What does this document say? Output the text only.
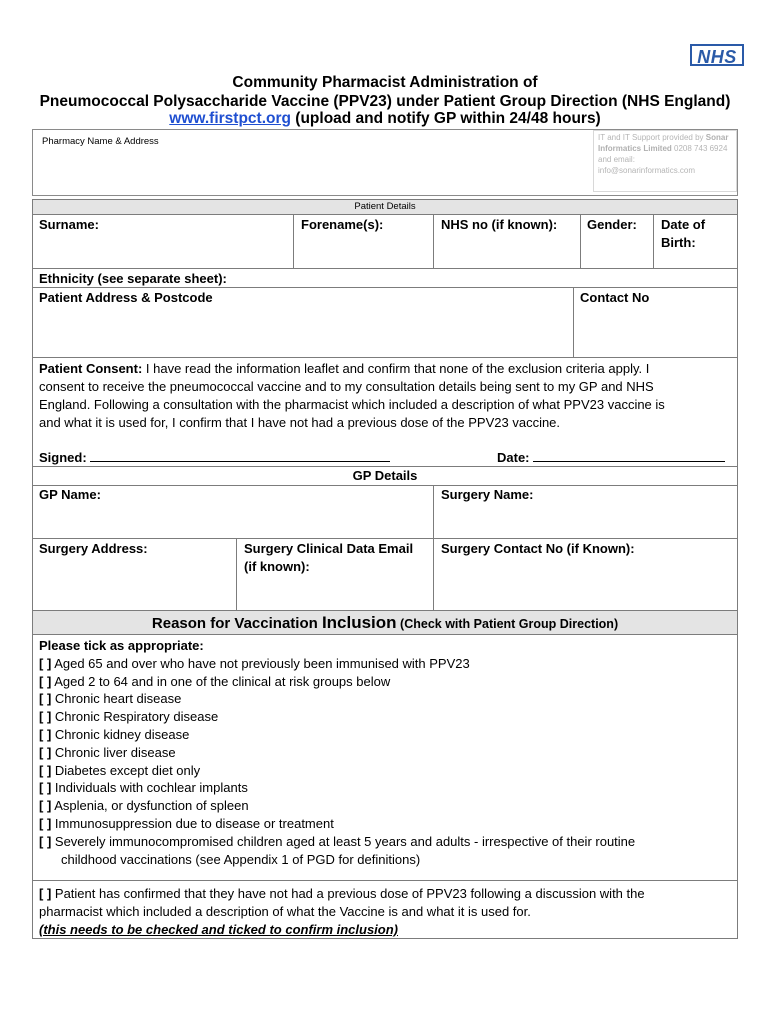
NHS
Community Pharmacist Administration of
Pneumococcal Polysaccharide Vaccine (PPV23) under Patient Group Direction (NHS England)
www.firstpct.org (upload and notify GP within 24/48 hours)
Pharmacy Name & Address	IT and IT Support provided by Sonar Informatics Limited 0208 743 6924
and email:
info@sonarinformatics.com
Patient Details
Surname:	Forename(s):	NHS no (if known): Gender: Date of
Birth:
Ethnicity (see separate sheet):
Patient Address & Postcode	Contact No
Patient Consent: I have read the information leaflet and confirm that none of the exclusion criteria apply. I
consent to receive the pneumococcal vaccine and to my consultation details being sent to my GP and NHS
England. Following a consultation with the pharmacist which included a description of what PPV23 vaccine is
and what it is used for, I confirm that I have not had a previous dose of the PPV23 vaccine.
Signed:	Date:
GP Details
GP Name:	Surgery Name:
Surgery Address:	Surgery Clinical Data Email
(if known):
Surgery Contact No (if Known):
Reason for Vaccination Inclusion (Check with Patient Group Direction)
Please tick as appropriate:
[ ] Aged 65 and over who have not previously been immunised with PPV23
[ ] Aged 2 to 64 and in one of the clinical at risk groups below
[ ] Chronic heart disease
[ ] Chronic Respiratory disease
[ ] Chronic kidney disease
[ ] Chronic liver disease
[ ] Diabetes except diet only
[ ] Individuals with cochlear implants
[ ] Asplenia, or dysfunction of spleen
[ ] Immunosuppression due to disease or treatment
[ ] Severely immunocompromised children aged at least 5 years and adults - irrespective of their routine
childhood vaccinations (see Appendix 1 of PGD for definitions)
[ ] Patient has confirmed that they have not had a previous dose of PPV23 following a discussion with the
pharmacist which included a description of what the Vaccine is and what it is used for.
(this needs to be checked and ticked to confirm inclusion)
